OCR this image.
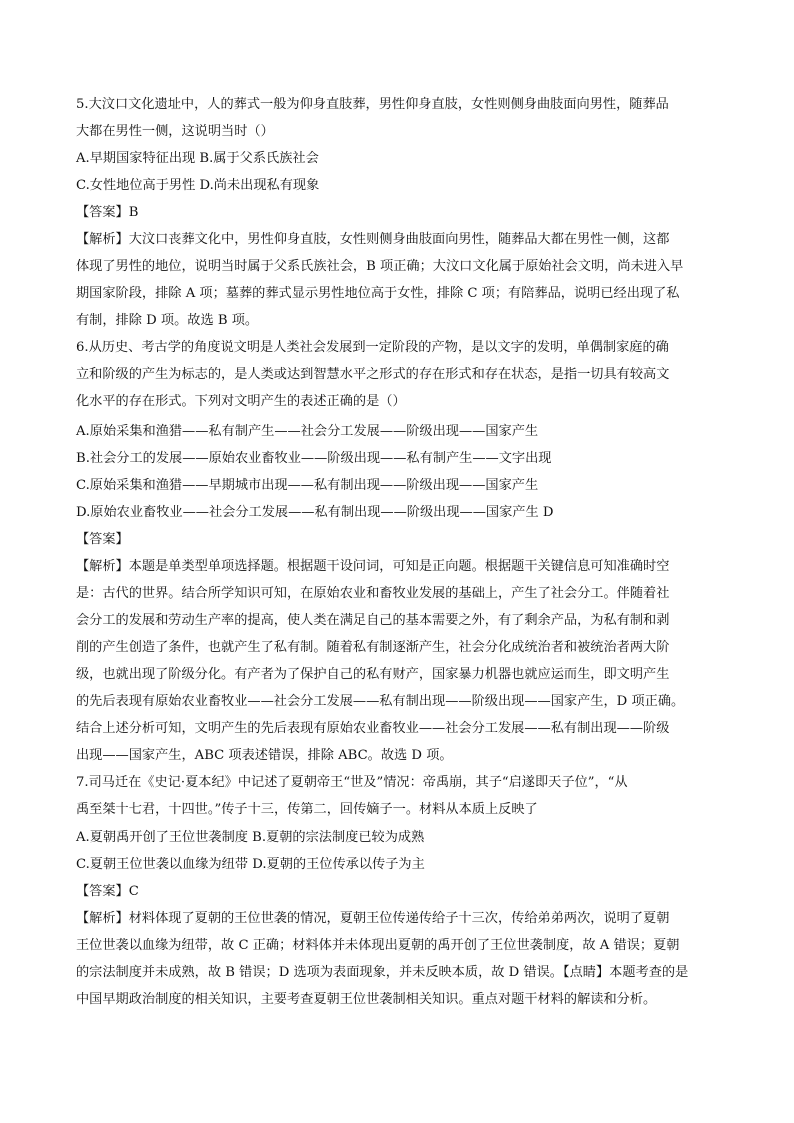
5.大汶口文化遗址中，人的葬式一般为仰身直肢葬，男性仰身直肢，女性则侧身曲肢面向男性，随葬品
大都在男性一侧，这说明当时（）
A.早期国家特征出现 B.属于父系氏族社会
C.女性地位高于男性 D.尚未出现私有现象
【答案】B
【解析】大汶口丧葬文化中，男性仰身直肢，女性则侧身曲肢面向男性，随葬品大都在男性一侧，这都
体现了男性的地位，说明当时属于父系氏族社会，B 项正确；大汶口文化属于原始社会文明，尚未进入早
期国家阶段，排除 A 项；墓葬的葬式显示男性地位高于女性，排除 C 项；有陪葬品，说明已经出现了私
有制，排除 D 项。故选 B 项。
6.从历史、考古学的角度说文明是人类社会发展到一定阶段的产物，是以文字的发明，单偶制家庭的确
立和阶级的产生为标志的，是人类或达到智慧水平之形式的存在形式和存在状态，是指一切具有较高文
化水平的存在形式。下列对文明产生的表述正确的是（）
A.原始采集和渔猎——私有制产生——社会分工发展——阶级出现——国家产生
B.社会分工的发展——原始农业畜牧业——阶级出现——私有制产生——文字出现
C.原始采集和渔猎——早期城市出现——私有制出现——阶级出现——国家产生
D.原始农业畜牧业——社会分工发展——私有制出现——阶级出现——国家产生 D
【答案】
【解析】本题是单类型单项选择题。根据题干设问词，可知是正向题。根据题干关键信息可知准确时空
是：古代的世界。结合所学知识可知，在原始农业和畜牧业发展的基础上，产生了社会分工。伴随着社
会分工的发展和劳动生产率的提高，使人类在满足自己的基本需要之外，有了剩余产品，为私有制和剥
削的产生创造了条件，也就产生了私有制。随着私有制逐渐产生，社会分化成统治者和被统治者两大阶
级，也就出现了阶级分化。有产者为了保护自己的私有财产，国家暴力机器也就应运而生，即文明产生
的先后表现有原始农业畜牧业——社会分工发展——私有制出现——阶级出现——国家产生，D 项正确。
结合上述分析可知，文明产生的先后表现有原始农业畜牧业——社会分工发展——私有制出现——阶级
出现——国家产生，ABC 项表述错误，排除 ABC。故选 D 项。
7.司马迁在《史记·夏本纪》中记述了夏朝帝王“世及”情况：帝禹崩，其子“启遂即天子位”，“从
禹至桀十七君，十四世。”传子十三，传第二，回传嫡子一。材料从本质上反映了
A.夏朝禹开创了王位世袭制度 B.夏朝的宗法制度已较为成熟
C.夏朝王位世袭以血缘为纽带 D.夏朝的王位传承以传子为主
【答案】C
【解析】材料体现了夏朝的王位世袭的情况，夏朝王位传递传给子十三次，传给弟弟两次，说明了夏朝
王位世袭以血缘为纽带，故 C 正确；材料体并未体现出夏朝的禹开创了王位世袭制度，故 A 错误；夏朝
的宗法制度并未成熟，故 B 错误；D 选项为表面现象，并未反映本质，故 D 错误。【点睛】本题考查的是
中国早期政治制度的相关知识，主要考查夏朝王位世袭制相关知识。重点对题干材料的解读和分析。
